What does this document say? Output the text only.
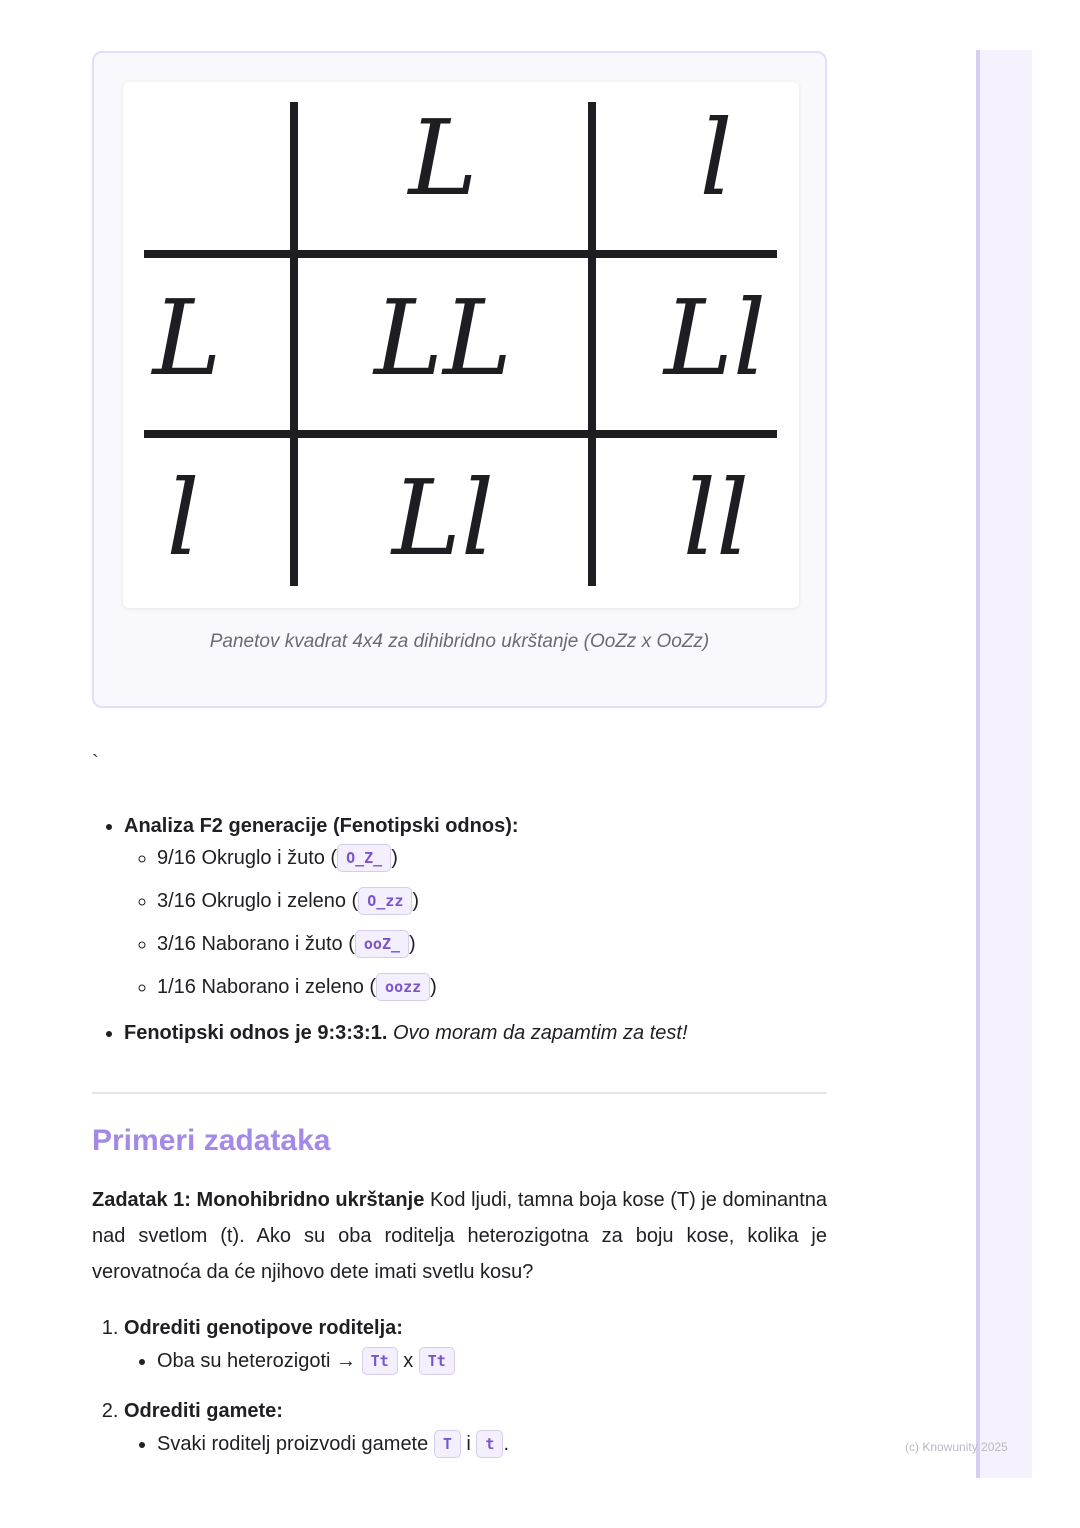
(c) Knowunity 2025
L l
L LL Ll
l Ll ll
Panetov kvadrat 4x4 za dihibridno ukrštanje (OoZz x OoZz)
`
• Analiza F2 generacije (Fenotipski odnos):
◦ 9/16 Okruglo i žuto ( O_Z_ )
◦ 3/16 Okruglo i zeleno ( O_zz )
◦ 3/16 Naborano i žuto ( ooZ_ )
◦ 1/16 Naborano i zeleno ( oozz )
• Fenotipski odnos je 9:3:3:1. Ovo moram da zapamtim za test!
Primeri zadataka

Zadatak 1: Monohibridno ukrštanje Kod ljudi, tamna boja kose (T) je dominantna nad svetlom (t). Ako su oba roditelja heterozigotna za boju kose, kolika je verovatnoća da će njihovo dete imati svetlu kosu?

1. Odrediti genotipove roditelja:
• Oba su heterozigoti → Tt x Tt
2. Odrediti gamete:
• Svaki roditelj proizvodi gamete T i t .
